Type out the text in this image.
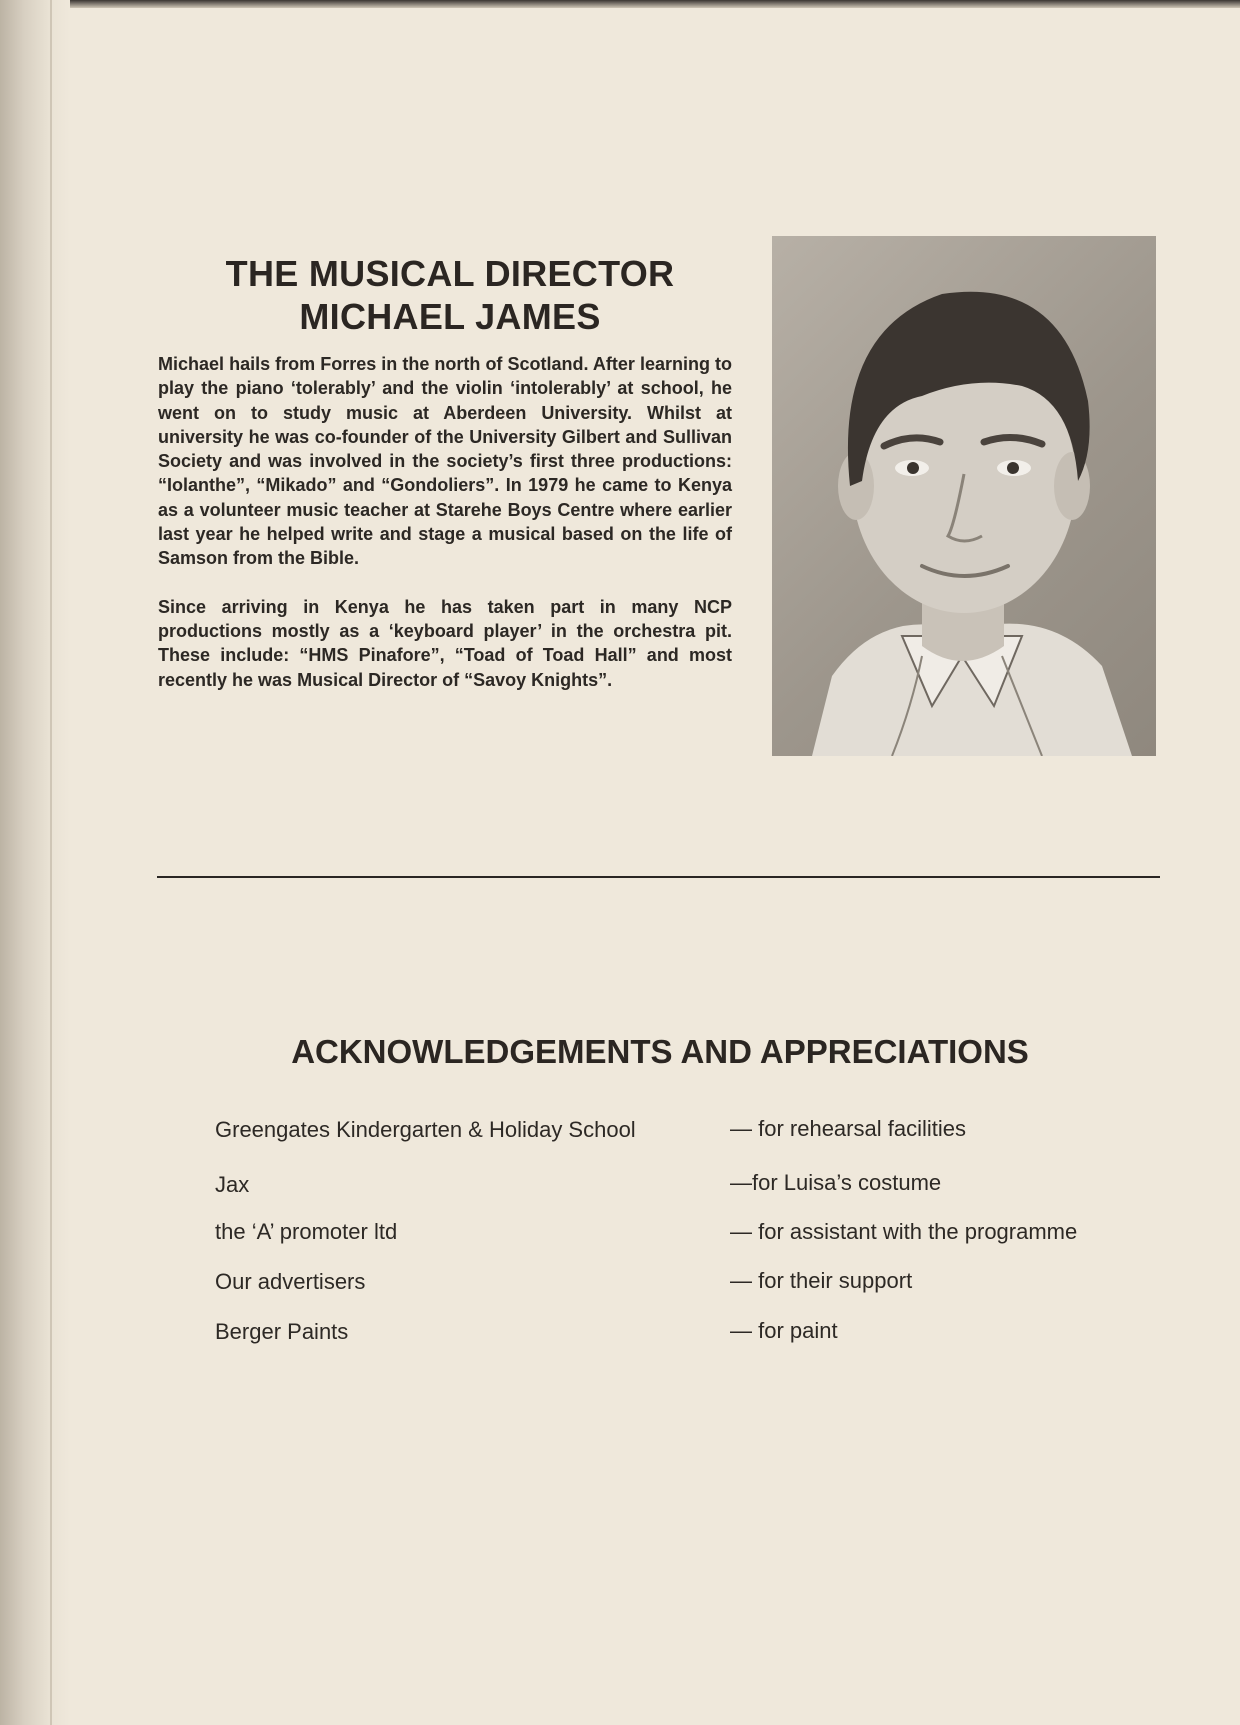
THE MUSICAL DIRECTOR
MICHAEL JAMES

Michael hails from Forres in the north of Scotland. After learning to play the piano ‘tolerably’ and the violin ‘intolerably’ at school, he went on to study music at Aberdeen University. Whilst at university he was co-founder of the University Gilbert and Sullivan Society and was involved in the society’s first three productions: “Iolanthe”, “Mikado” and “Gondoliers”. In 1979 he came to Kenya as a volunteer music teacher at Starehe Boys Centre where earlier last year he helped write and stage a musical based on the life of Samson from the Bible.

Since arriving in Kenya he has taken part in many NCP productions mostly as a ‘keyboard player’ in the orchestra pit. These include: “HMS Pinafore”, “Toad of Toad Hall” and most recently he was Musical Director of “Savoy Knights”.

ACKNOWLEDGEMENTS AND APPRECIATIONS
Greengates Kindergarten & Holiday School	— for rehearsal facilities
Jax	—for Luisa’s costume
the ‘A’ promoter ltd	— for assistant with the programme
Our advertisers	— for their support
Berger Paints	— for paint
